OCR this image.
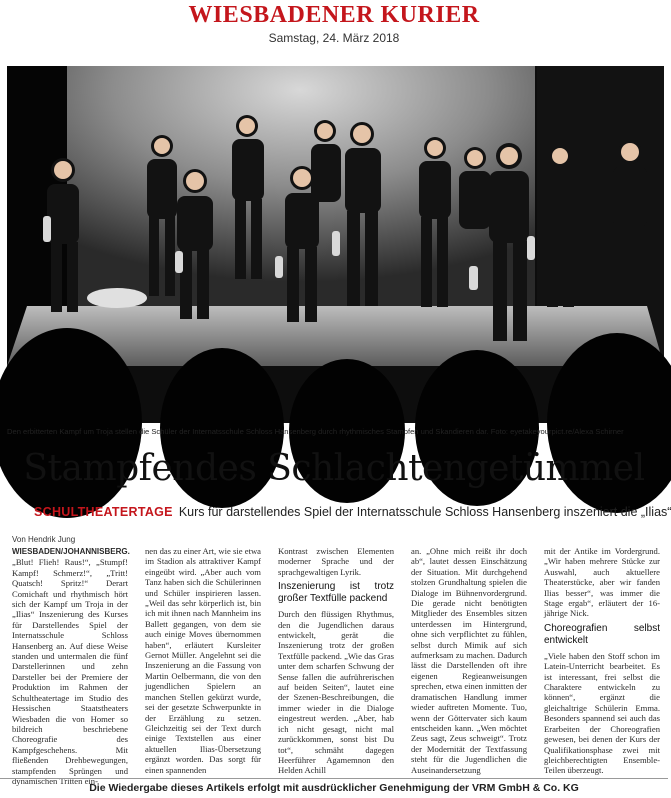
WIESBADENER KURIER
Samstag, 24. März 2018
Den erbitterten Kampf um Troja stellen die Schüler der Internatsschule Schloss Hansenberg durch rhythmisches Stampfen und Skandieren dar. Foto: eyetakeyourpict.re/Alexa Schirner
Stampfendes Schlachtengetümmel
SCHULTHEATERTAGE Kurs für darstellendes Spiel der Internatsschule Schloss Hansenberg inszeniert die „Ilias“
Von Hendrik Jung
WIESBADEN/JOHANNISBERG. „Blut! Flieh! Raus!“, „Stumpf! Kampf! Schmerz!“, „Tritt! Quatsch! Spritz!“ Derart Comichaft und rhythmisch hört sich der Kampf um Troja in der „Ilias“ Inszenierung des Kurses für Darstellendes Spiel der Internatsschule Schloss Hansenberg an. Auf diese Weise standen und untermalen die fünf Darstellerinnen und zehn Darsteller bei der Premiere der Produktion im Rahmen der Schultheatertage im Studio des Hessischen Staatstheaters Wiesbaden die von Homer so bildreich beschriebene Choreografie des Kampfgeschehens. Mit fließenden Drehbewegungen, stampfenden Sprüngen und dynamischen Tritten ein-
nen das zu einer Art, wie sie etwa im Stadion als attraktiver Kampf eingeübt wird. „Aber auch vom Tanz haben sich die Schülerinnen und Schüler inspirieren lassen. „Weil das sehr körperlich ist, bin ich mit ihnen nach Mannheim ins Ballett gegangen, von dem sie auch einige Moves übernommen haben“, erläutert Kursleiter Gernot Müller. Angelehnt sei die Inszenierung an die Fassung von Martin Oelbermann, die von den jugendlichen Spielern an manchen Stellen gekürzt wurde, sei der gesetzte Schwerpunkte in der Erzählung zu setzen. Gleichzeitig sei der Text durch einige Textstellen aus einer aktuellen Ilias-Übersetzung ergänzt worden. Das sorgt für einen spannenden
Kontrast zwischen Elementen moderner Sprache und der sprachgewaltigen Lyrik.
Inszenierung ist trotz großer Textfülle packend
Durch den flüssigen Rhythmus, den die Jugendlichen daraus entwickelt, gerät die Inszenierung trotz der großen Textfülle packend. „Wie das Gras unter dem scharfen Schwung der Sense fallen die aufrührerischen auf beiden Seiten“, lautet eine der Szenen-Beschreibungen, die immer wieder in die Dialoge eingestreut werden. „Aber, hab ich nicht gesagt, nicht mal zurückkommen, sonst bist Du tot“, schmäht dagegen Heerführer Agamemnon den Helden Achill
an. „Ohne mich reißt ihr doch ab“, lautet dessen Einschätzung der Situation. Mit durchgehend stolzen Grundhaltung spielen die Dialoge im Bühnenvordergrund. Die gerade nicht benötigten Mitglieder des Ensembles sitzen unterdessen im Hintergrund, ohne sich verpflichtet zu fühlen, selbst durch Mimik auf sich aufmerksam zu machen. Dadurch lässt die Darstellenden oft ihre eigenen Regieanweisungen sprechen, etwa einen inmitten der dramatischen Handlung immer wieder auftreten Momente. Tuo, wenn der Göttervater sich kaum entscheiden kann. „Wen möchtet Zeus sagt, Zeus schweigt“. Trotz der Modernität der Textfassung steht für die Jugendlichen die Auseinandersetzung
mit der Antike im Vordergrund. „Wir haben mehrere Stücke zur Auswahl, auch aktuellere Theaterstücke, aber wir fanden Ilias besser“, was immer die Stage ergab“, erläutert der 16-jährige Nick.
Choreografien selbst entwickelt
„Viele haben den Stoff schon im Latein-Unterricht bearbeitet. Es ist interessant, frei selbst die Charaktere entwickeln zu können“, ergänzt die gleichaltrige Schülerin Emma. Besonders spannend sei auch das Erarbeiten der Choreografien gewesen, bei denen der Kurs der Qualifikationsphase zwei mit gleichberechtigten Ensemble-Teilen überzeugt.
Die Wiedergabe dieses Artikels erfolgt mit ausdrücklicher Genehmigung der VRM GmbH & Co. KG
